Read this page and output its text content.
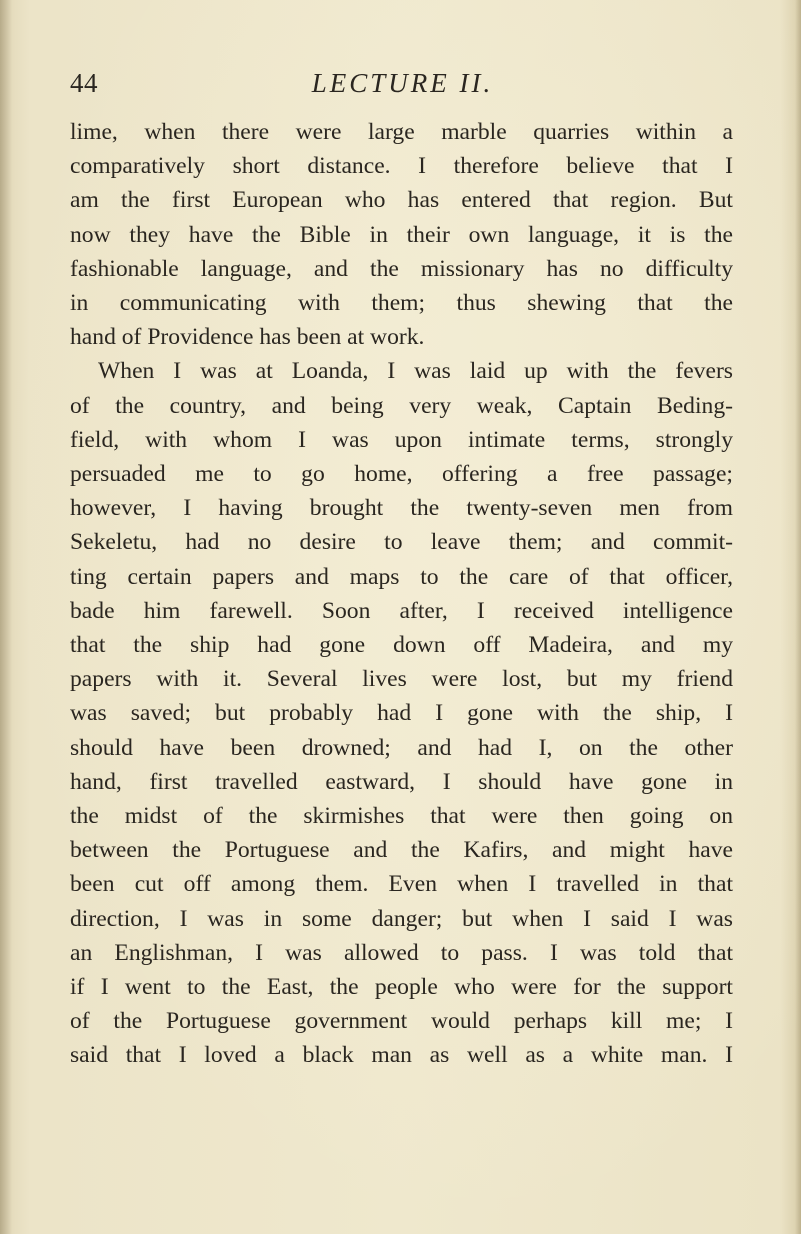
44	LECTURE II.

lime, when there were large marble quarries within a
comparatively short distance. I therefore believe that I
am the first European who has entered that region. But
now they have the Bible in their own language, it is the
fashionable language, and the missionary has no difficulty
in communicating with them; thus shewing that the
hand of Providence has been at work.

When I was at Loanda, I was laid up with the fevers
of the country, and being very weak, Captain Beding-
field, with whom I was upon intimate terms, strongly
persuaded me to go home, offering a free passage;
however, I having brought the twenty-seven men from
Sekeletu, had no desire to leave them; and commit-
ting certain papers and maps to the care of that officer,
bade him farewell. Soon after, I received intelligence
that the ship had gone down off Madeira, and my
papers with it. Several lives were lost, but my friend
was saved; but probably had I gone with the ship, I
should have been drowned; and had I, on the other
hand, first travelled eastward, I should have gone in
the midst of the skirmishes that were then going on
between the Portuguese and the Kafirs, and might have
been cut off among them. Even when I travelled in that
direction, I was in some danger; but when I said I was
an Englishman, I was allowed to pass. I was told that
if I went to the East, the people who were for the support
of the Portuguese government would perhaps kill me; I
said that I loved a black man as well as a white man. I
